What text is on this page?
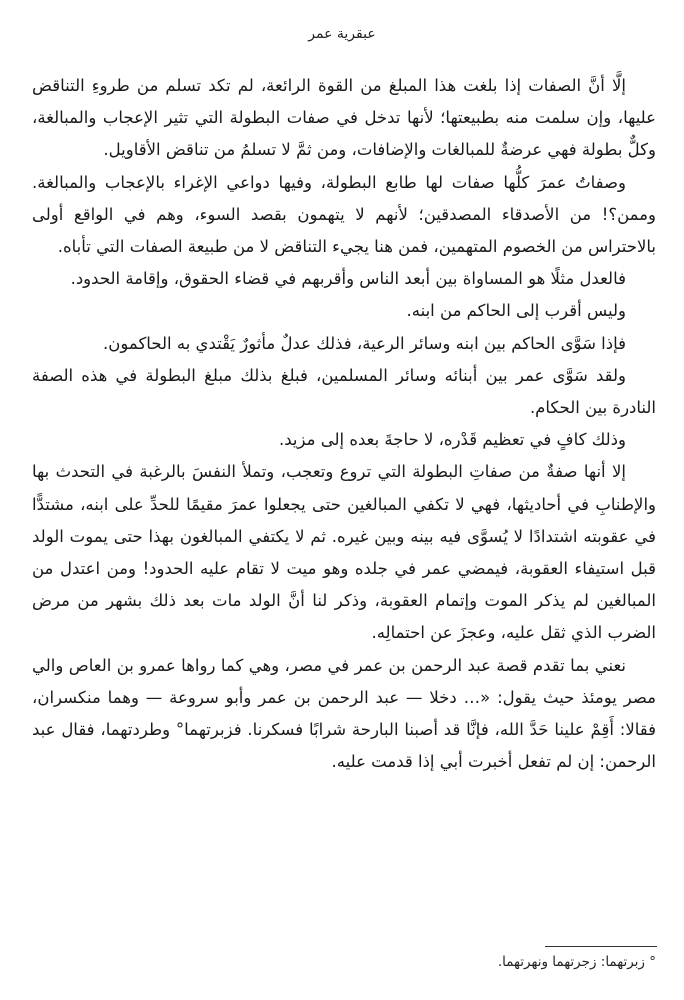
عبقرية عمر

إلَّا أنَّ الصفات إذا بلغت هذا المبلغ من القوة الرائعة، لم تكد تسلم من طروءِ التناقض عليها، وإن سلمت منه بطبيعتها؛ لأنها تدخل في صفات البطولة التي تثير الإعجاب والمبالغة، وكلٌّ بطولة فهي عرضةٌ للمبالغات والإضافات، ومن ثمَّ لا تسلمُ من تناقض الأقاويل.

وصفاتُ عمرَ كلُّها صفات لها طابع البطولة، وفيها دواعي الإغراء بالإعجاب والمبالغة. وممن؟! من الأصدقاء المصدقين؛ لأنهم لا يتهمون بقصد السوء، وهم في الواقع أولى بالاحتراس من الخصوم المتهمين، فمن هنا يجيء التناقض لا من طبيعة الصفات التي تأباه.

فالعدل مثلًا هو المساواة بين أبعد الناس وأقربهم في قضاء الحقوق، وإقامة الحدود.

وليس أقرب إلى الحاكم من ابنه.

فإذا سَوَّى الحاكم بين ابنه وسائر الرعية، فذلك عدلٌ مأثورٌ يَقْتدي به الحاكمون.

ولقد سَوَّى عمر بين أبنائه وسائر المسلمين، فبلغ بذلك مبلغ البطولة في هذه الصفة النادرة بين الحكام.

وذلك كافٍ في تعظيم قَدْره، لا حاجةَ بعده إلى مزيد.

إلا أنها صفةٌ من صفاتِ البطولة التي تروع وتعجب، وتملأ النفسَ بالرغبة في التحدث بها والإطنابِ في أحاديثها، فهي لا تكفي المبالغين حتى يجعلوا عمرَ مقيمًا للحدِّ على ابنه، مشتدًّا في عقوبته اشتدادًا لا يُسوَّى فيه بينه وبين غيره. ثم لا يكتفي المبالغون بهذا حتى يموت الولد قبل استيفاء العقوبة، فيمضي عمر في جلده وهو ميت لا تقام عليه الحدود! ومن اعتدل من المبالغين لم يذكر الموت وإتمام العقوبة، وذكر لنا أنَّ الولد مات بعد ذلك بشهر من مرض الضرب الذي ثقل عليه، وعجزَ عن احتمالِه.

نعني بما تقدم قصة عبد الرحمن بن عمر في مصر، وهي كما رواها عمرو بن العاص والي مصر يومئذ حيث يقول: «… دخلا — عبد الرحمن بن عمر وأبو سروعة — وهما منكسران، فقالا: أَقِمْ علينا حَدَّ الله، فإنَّا قد أصبنا البارحة شرابًا فسكرنا. فزبرتهما° وطردتهما، فقال عبد الرحمن: إن لم تفعل أخبرت أبي إذا قدمت عليه.

° زبرتهما: زجرتهما ونهرتهما.
